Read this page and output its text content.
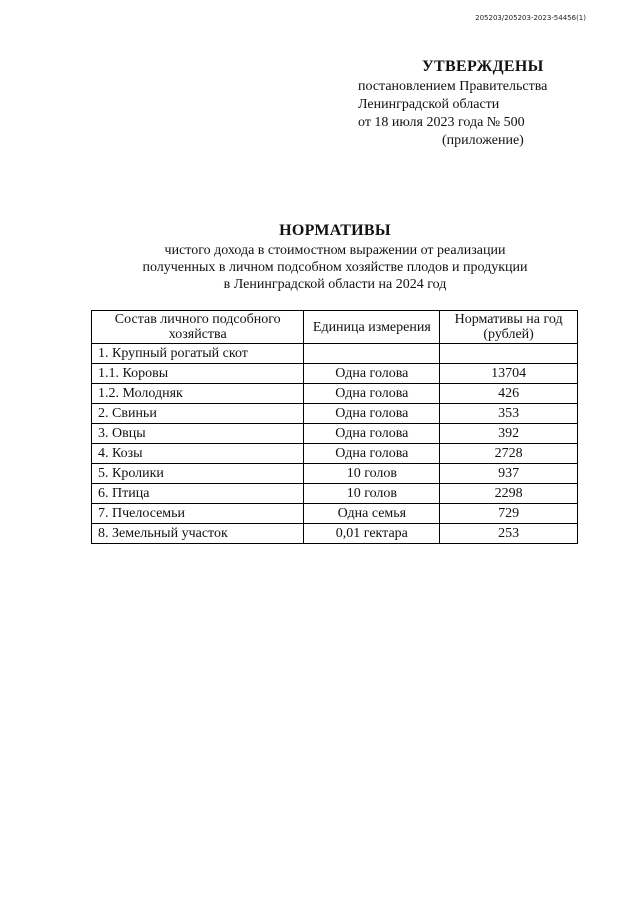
205203/205203-2023-54456(1)
УТВЕРЖДЕНЫ
постановлением Правительства
Ленинградской области
от 18 июля 2023 года № 500
(приложение)
НОРМАТИВЫ
чистого дохода в стоимостном выражении от реализации
полученных в личном подсобном хозяйстве плодов и продукции
в Ленинградской области на 2024 год
Состав личного подсобного хозяйства	Единица измерения	Нормативы на год (рублей)
1. Крупный рогатый скот		
1.1. Коровы	Одна голова	13704
1.2. Молодняк	Одна голова	426
2. Свиньи	Одна голова	353
3. Овцы	Одна голова	392
4. Козы	Одна голова	2728
5. Кролики	10 голов	937
6. Птица	10 голов	2298
7. Пчелосемьи	Одна семья	729
8. Земельный участок	0,01 гектара	253
